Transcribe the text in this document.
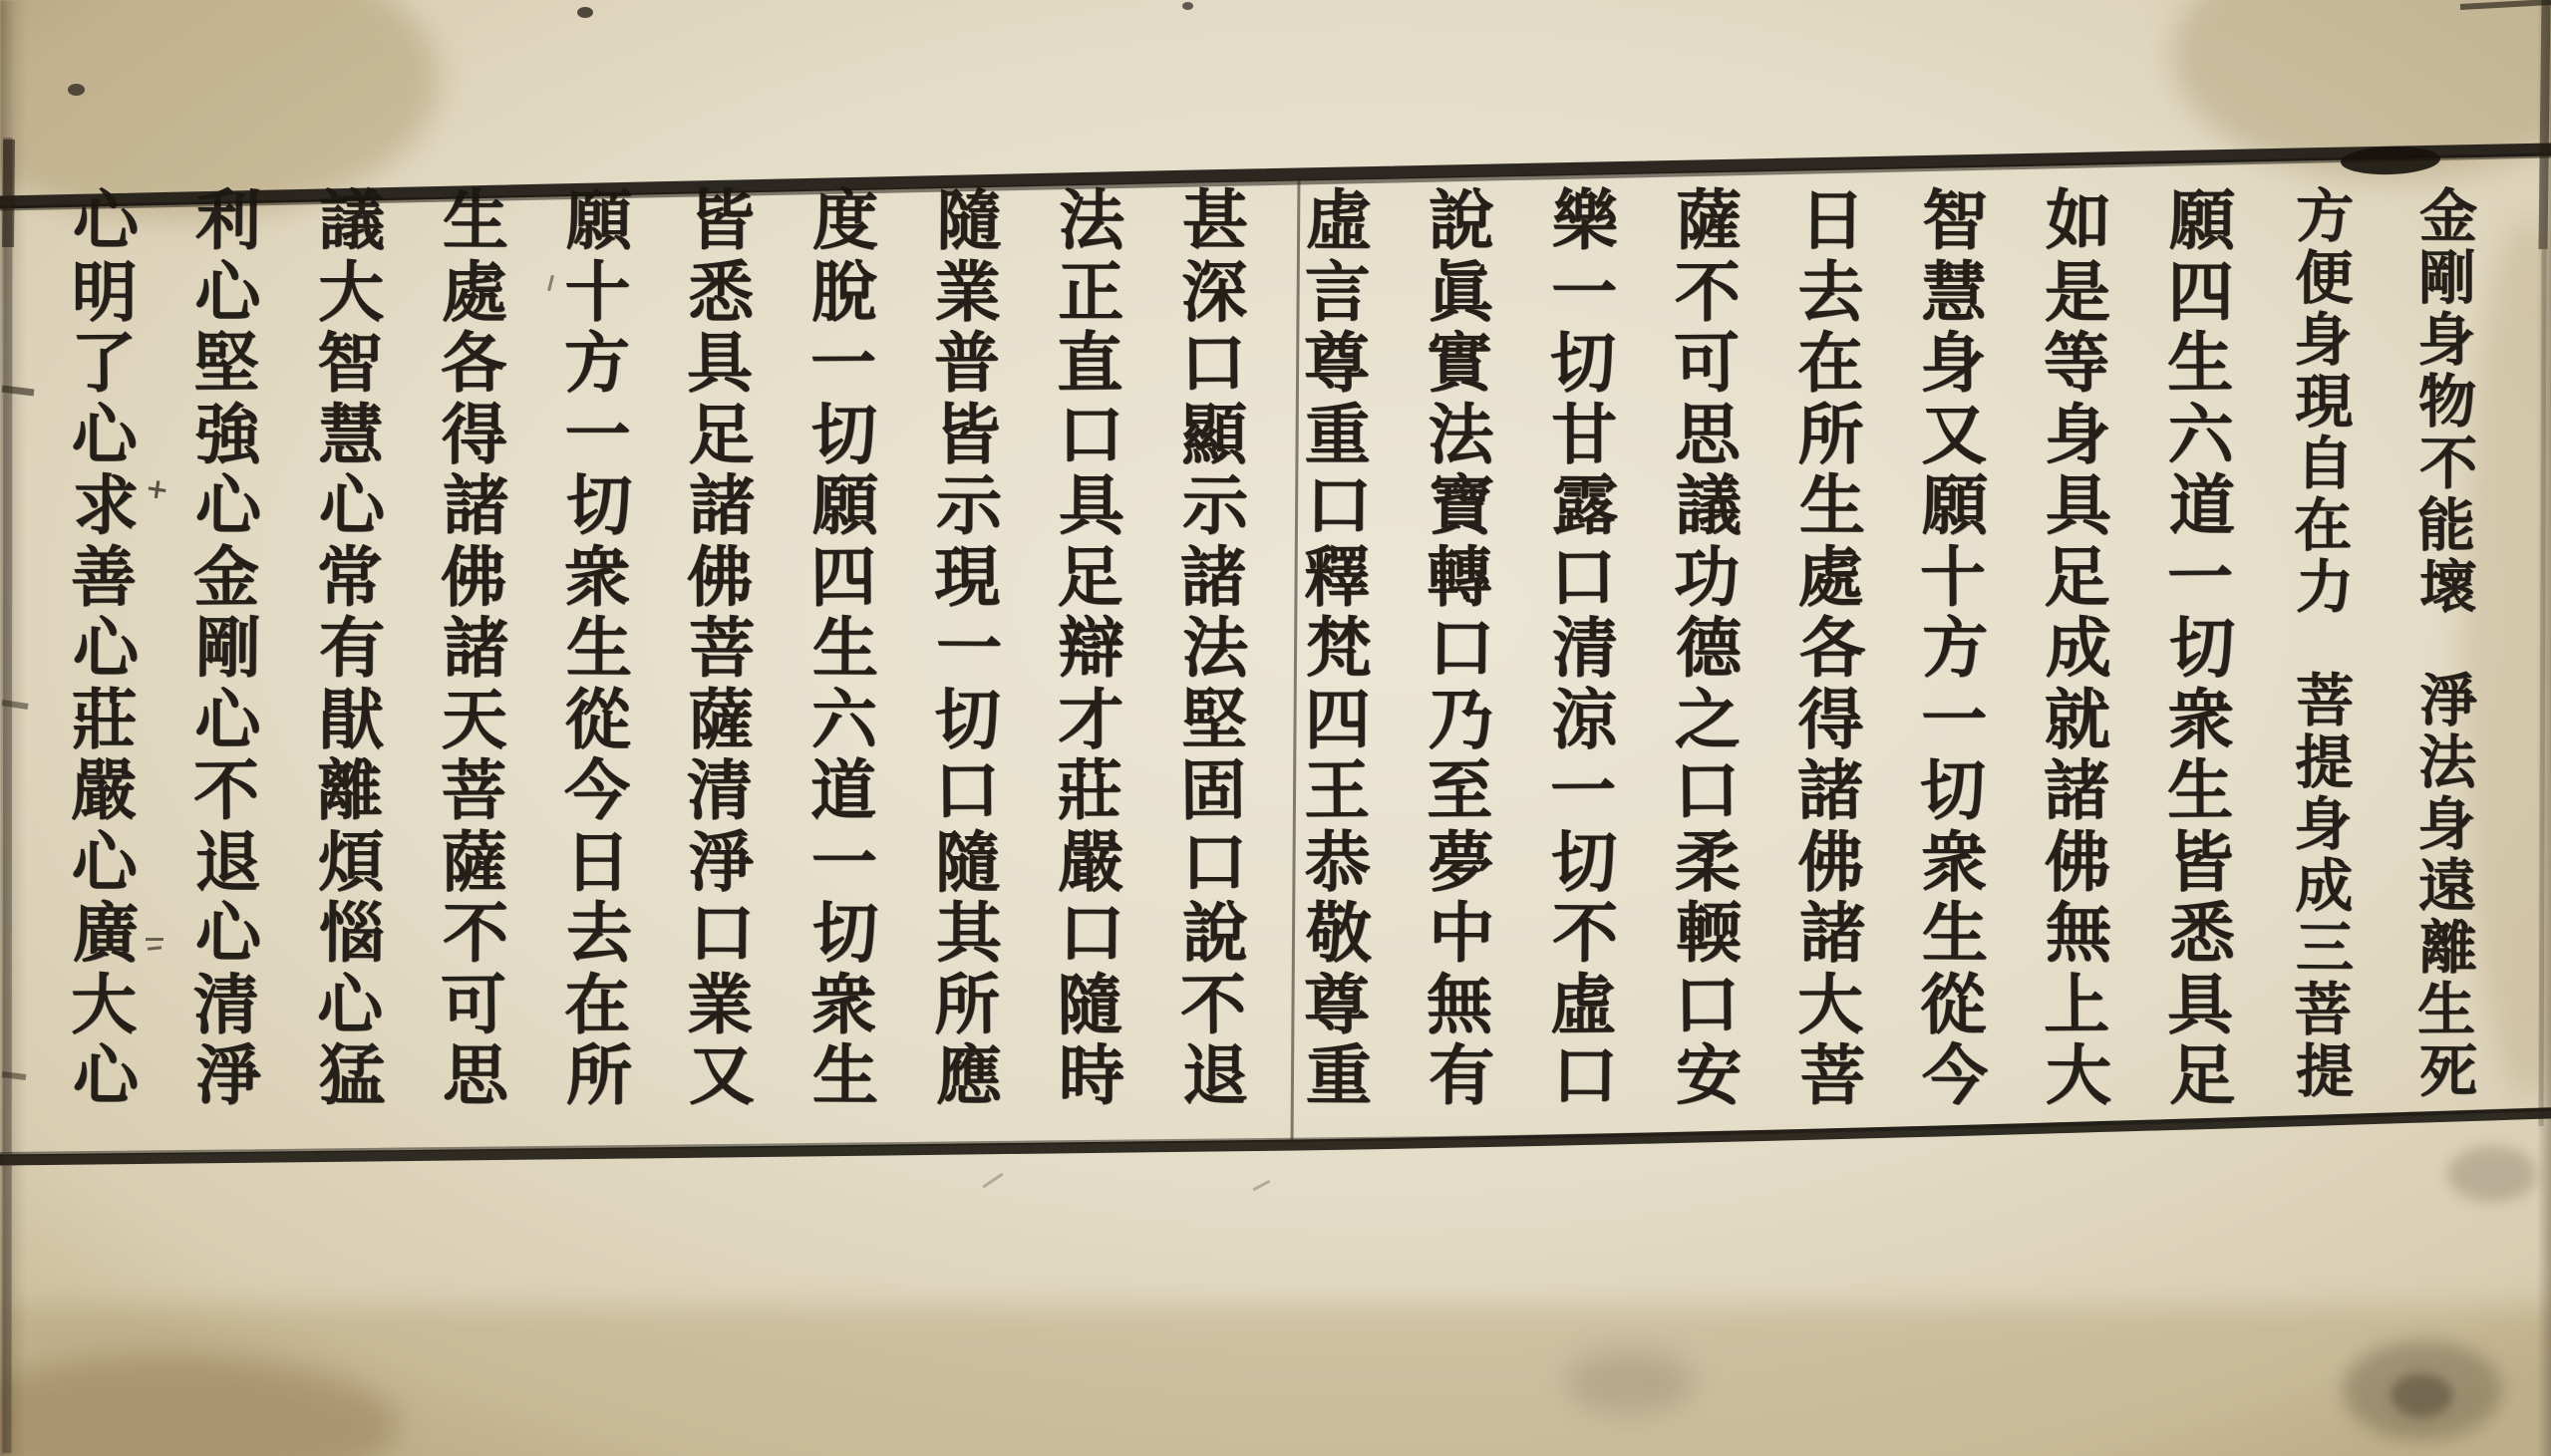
金
剛
身
物
不
能
壞
淨
法
身
遠
離
生
死
方
便
身
現
自
在
力
菩
提
身
成
三
菩
提
願
四
生
六
道
一
切
衆
生
皆
悉
具
足
如
是
等
身
具
足
成
就
諸
佛
無
上
大
智
慧
身
又
願
十
方
一
切
衆
生
從
今
日
去
在
所
生
處
各
得
諸
佛
諸
大
菩
薩
不
可
思
議
功
德
之
口
柔
輭
口
安
樂
一
切
甘
露
口
清
涼
一
切
不
虛
口
說
眞
實
法
寶
轉
口
乃
至
夢
中
無
有
虛
言
尊
重
口
釋
梵
四
王
恭
敬
尊
重
甚
深
口
顯
示
諸
法
堅
固
口
說
不
退
法
正
直
口
具
足
辯
才
莊
嚴
口
隨
時
隨
業
普
皆
示
現
一
切
口
隨
其
所
應
度
脫
一
切
願
四
生
六
道
一
切
衆
生
皆
悉
具
足
諸
佛
菩
薩
清
淨
口
業
又
願
十
方
一
切
衆
生
從
今
日
去
在
所
生
處
各
得
諸
佛
諸
天
菩
薩
不
可
思
議
大
智
慧
心
常
有
猒
離
煩
惱
心
猛
利
心
堅
強
心
金
剛
心
不
退
心
清
淨
心
明
了
心
求
善
心
莊
嚴
心
廣
大
心
+
